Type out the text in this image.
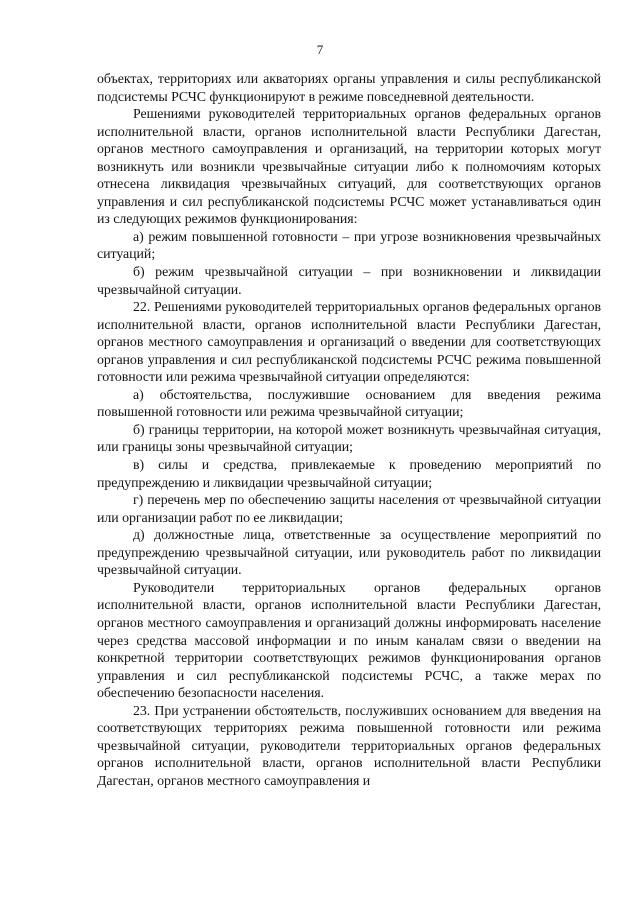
7

объектах, территориях или акваториях органы управления и силы республиканской подсистемы РСЧС функционируют в режиме повседневной деятельности.

Решениями руководителей территориальных органов федеральных органов исполнительной власти, органов исполнительной власти Республики Дагестан, органов местного самоуправления и организаций, на территории которых могут возникнуть или возникли чрезвычайные ситуации либо к полномочиям которых отнесена ликвидация чрезвычайных ситуаций, для соответствующих органов управления и сил республиканской подсистемы РСЧС может устанавливаться один из следующих режимов функционирования:

а) режим повышенной готовности – при угрозе возникновения чрезвычайных ситуаций;

б) режим чрезвычайной ситуации – при возникновении и ликвидации чрезвычайной ситуации.

22. Решениями руководителей территориальных органов федеральных органов исполнительной власти, органов исполнительной власти Республики Дагестан, органов местного самоуправления и организаций о введении для соответствующих органов управления и сил республиканской подсистемы РСЧС режима повышенной готовности или режима чрезвычайной ситуации определяются:

а) обстоятельства, послужившие основанием для введения режима повышенной готовности или режима чрезвычайной ситуации;

б) границы территории, на которой может возникнуть чрезвычайная ситуация, или границы зоны чрезвычайной ситуации;

в) силы и средства, привлекаемые к проведению мероприятий по предупреждению и ликвидации чрезвычайной ситуации;

г) перечень мер по обеспечению защиты населения от чрезвычайной ситуации или организации работ по ее ликвидации;

д) должностные лица, ответственные за осуществление мероприятий по предупреждению чрезвычайной ситуации, или руководитель работ по ликвидации чрезвычайной ситуации.

Руководители территориальных органов федеральных органов исполнительной власти, органов исполнительной власти Республики Дагестан, органов местного самоуправления и организаций должны информировать население через средства массовой информации и по иным каналам связи о введении на конкретной территории соответствующих режимов функционирования органов управления и сил республиканской подсистемы РСЧС, а также мерах по обеспечению безопасности населения.

23. При устранении обстоятельств, послуживших основанием для введения на соответствующих территориях режима повышенной готовности или режима чрезвычайной ситуации, руководители территориальных органов федеральных органов исполнительной власти, органов исполнительной власти Республики Дагестан, органов местного самоуправления и
